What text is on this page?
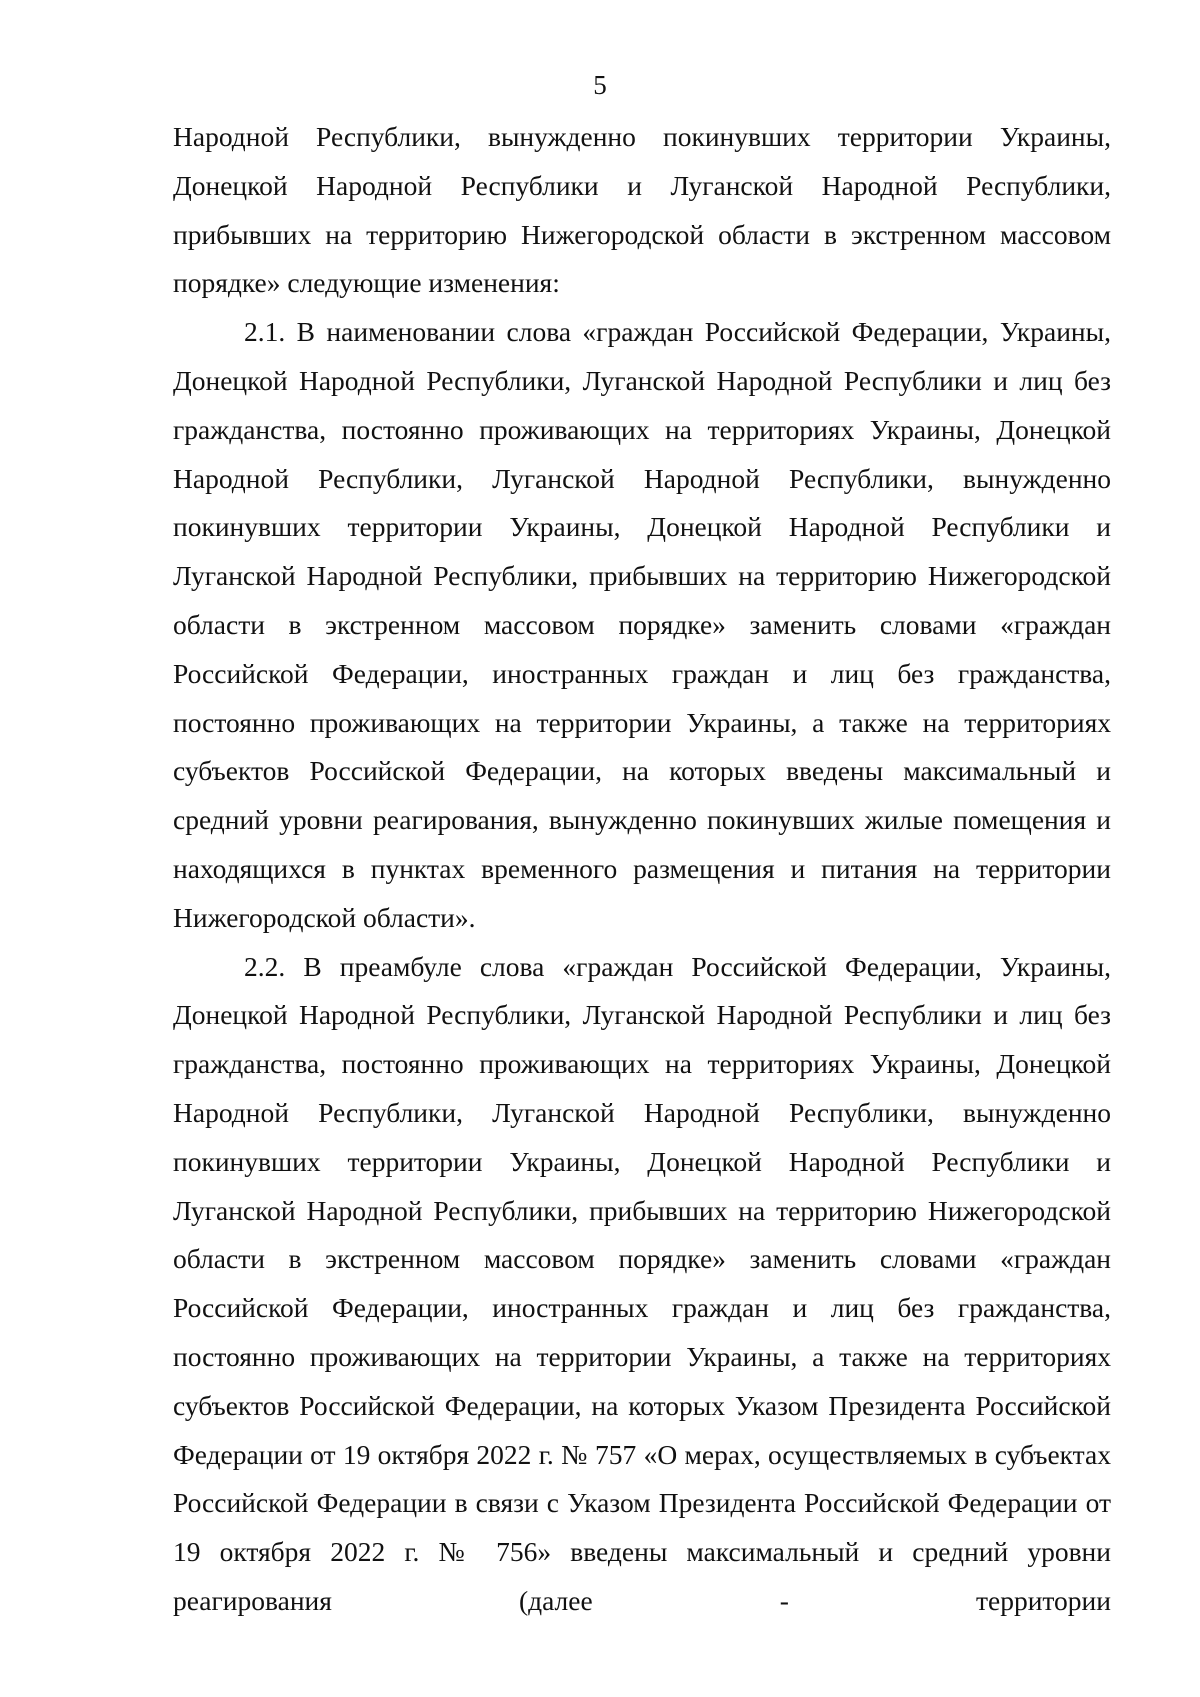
5

Народной Республики, вынужденно покинувших территории Украины, Донецкой Народной Республики и Луганской Народной Республики, прибывших на территорию Нижегородской области в экстренном массовом порядке» следующие изменения:

2.1. В наименовании слова «граждан Российской Федерации, Украины, Донецкой Народной Республики, Луганской Народной Республики и лиц без гражданства, постоянно проживающих на территориях Украины, Донецкой Народной Республики, Луганской Народной Республики, вынужденно покинувших территории Украины, Донецкой Народной Республики и Луганской Народной Республики, прибывших на территорию Нижегородской области в экстренном массовом порядке» заменить словами «граждан Российской Федерации, иностранных граждан и лиц без гражданства, постоянно проживающих на территории Украины, а также на территориях субъектов Российской Федерации, на которых введены максимальный и средний уровни реагирования, вынужденно покинувших жилые помещения и находящихся в пунктах временного размещения и питания на территории Нижегородской области».

2.2. В преамбуле слова «граждан Российской Федерации, Украины, Донецкой Народной Республики, Луганской Народной Республики и лиц без гражданства, постоянно проживающих на территориях Украины, Донецкой Народной Республики, Луганской Народной Республики, вынужденно покинувших территории Украины, Донецкой Народной Республики и Луганской Народной Республики, прибывших на территорию Нижегородской области в экстренном массовом порядке» заменить словами «граждан Российской Федерации, иностранных граждан и лиц без гражданства, постоянно проживающих на территории Украины, а также на территориях субъектов Российской Федерации, на которых Указом Президента Российской Федерации от 19 октября 2022 г. № 757 «О мерах, осуществляемых в субъектах Российской Федерации в связи с Указом Президента Российской Федерации от 19 октября 2022 г. № 756» введены максимальный и средний уровни реагирования (далее - территории
